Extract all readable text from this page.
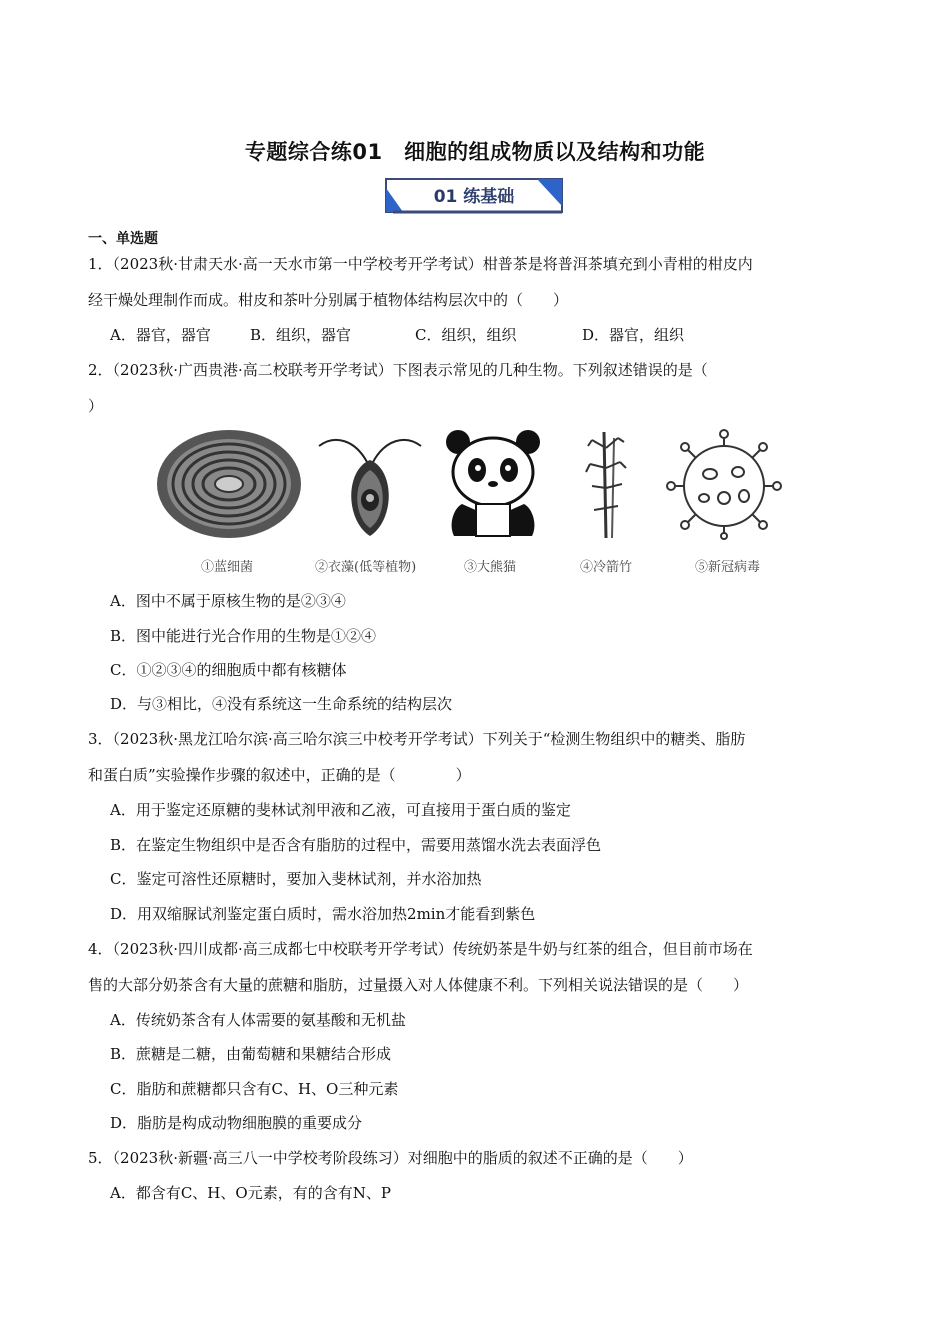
专题综合练01　细胞的组成物质以及结构和功能
01 练基础
一、单选题
1．（2023秋·甘肃天水·高一天水市第一中学校考开学考试）柑普茶是将普洱茶填充到小青柑的柑皮内
经干燥处理制作而成。柑皮和茶叶分别属于植物体结构层次中的（　　）
A．器官，器官	B．组织，器官	C．组织，组织	D．器官，组织
2．（2023秋·广西贵港·高二校联考开学考试）下图表示常见的几种生物。下列叙述错误的是（
）
①蓝细菌	②衣藻(低等植物)	③大熊猫	④冷箭竹	⑤新冠病毒
A．图中不属于原核生物的是②③④
B．图中能进行光合作用的生物是①②④
C．①②③④的细胞质中都有核糖体
D．与③相比，④没有系统这一生命系统的结构层次
3．（2023秋·黑龙江哈尔滨·高三哈尔滨三中校考开学考试）下列关于“检测生物组织中的糖类、脂肪
和蛋白质”实验操作步骤的叙述中，正确的是（　　　　）
A．用于鉴定还原糖的斐林试剂甲液和乙液，可直接用于蛋白质的鉴定
B．在鉴定生物组织中是否含有脂肪的过程中，需要用蒸馏水洗去表面浮色
C．鉴定可溶性还原糖时，要加入斐林试剂，并水浴加热
D．用双缩脲试剂鉴定蛋白质时，需水浴加热2min才能看到紫色
4．（2023秋·四川成都·高三成都七中校联考开学考试）传统奶茶是牛奶与红茶的组合，但目前市场在
售的大部分奶茶含有大量的蔗糖和脂肪，过量摄入对人体健康不利。下列相关说法错误的是（　　）
A．传统奶茶含有人体需要的氨基酸和无机盐
B．蔗糖是二糖，由葡萄糖和果糖结合形成
C．脂肪和蔗糖都只含有C、H、O三种元素
D．脂肪是构成动物细胞膜的重要成分
5．（2023秋·新疆·高三八一中学校考阶段练习）对细胞中的脂质的叙述不正确的是（　　）
A．都含有C、H、O元素，有的含有N、P
